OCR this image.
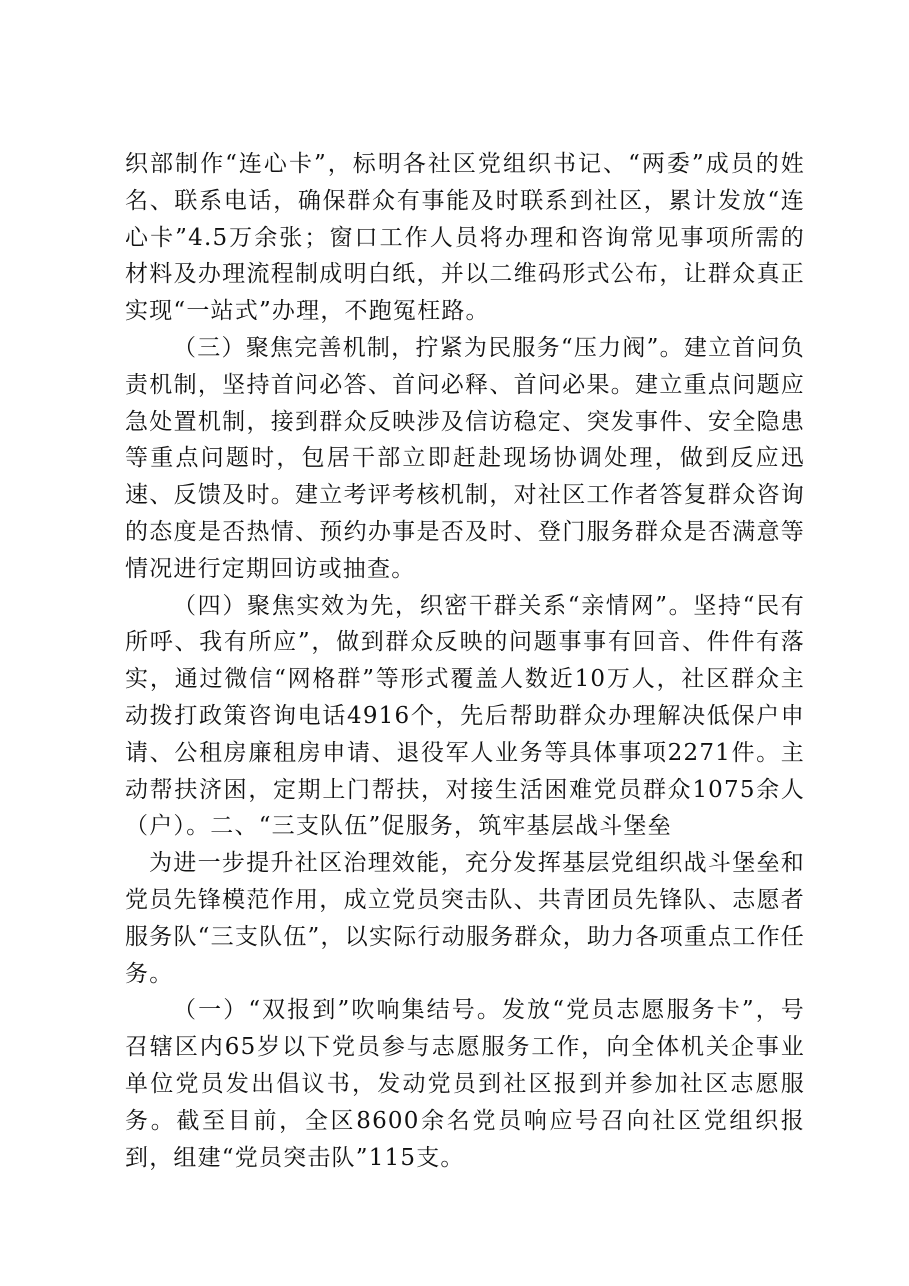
织部制作“连心卡”，标明各社区党组织书记、“两委”成员的姓名、联系电话，确保群众有事能及时联系到社区，累计发放“连心卡”4.5万余张；窗口工作人员将办理和咨询常见事项所需的材料及办理流程制成明白纸，并以二维码形式公布，让群众真正实现“一站式”办理，不跑冤枉路。

（三）聚焦完善机制，拧紧为民服务“压力阀”。建立首问负责机制，坚持首问必答、首问必释、首问必果。建立重点问题应急处置机制，接到群众反映涉及信访稳定、突发事件、安全隐患等重点问题时，包居干部立即赶赴现场协调处理，做到反应迅速、反馈及时。建立考评考核机制，对社区工作者答复群众咨询的态度是否热情、预约办事是否及时、登门服务群众是否满意等情况进行定期回访或抽查。

（四）聚焦实效为先，织密干群关系“亲情网”。坚持“民有所呼、我有所应”，做到群众反映的问题事事有回音、件件有落实，通过微信“网格群”等形式覆盖人数近10万人，社区群众主动拨打政策咨询电话4916个，先后帮助群众办理解决低保户申请、公租房廉租房申请、退役军人业务等具体事项2271件。主动帮扶济困，定期上门帮扶，对接生活困难党员群众1075余人（户）。二、“三支队伍”促服务，筑牢基层战斗堡垒

为进一步提升社区治理效能，充分发挥基层党组织战斗堡垒和党员先锋模范作用，成立党员突击队、共青团员先锋队、志愿者服务队“三支队伍”，以实际行动服务群众，助力各项重点工作任务。

（一）“双报到”吹响集结号。发放“党员志愿服务卡”，号召辖区内65岁以下党员参与志愿服务工作，向全体机关企事业单位党员发出倡议书，发动党员到社区报到并参加社区志愿服务。截至目前，全区8600余名党员响应号召向社区党组织报到，组建“党员突击队”115支。
